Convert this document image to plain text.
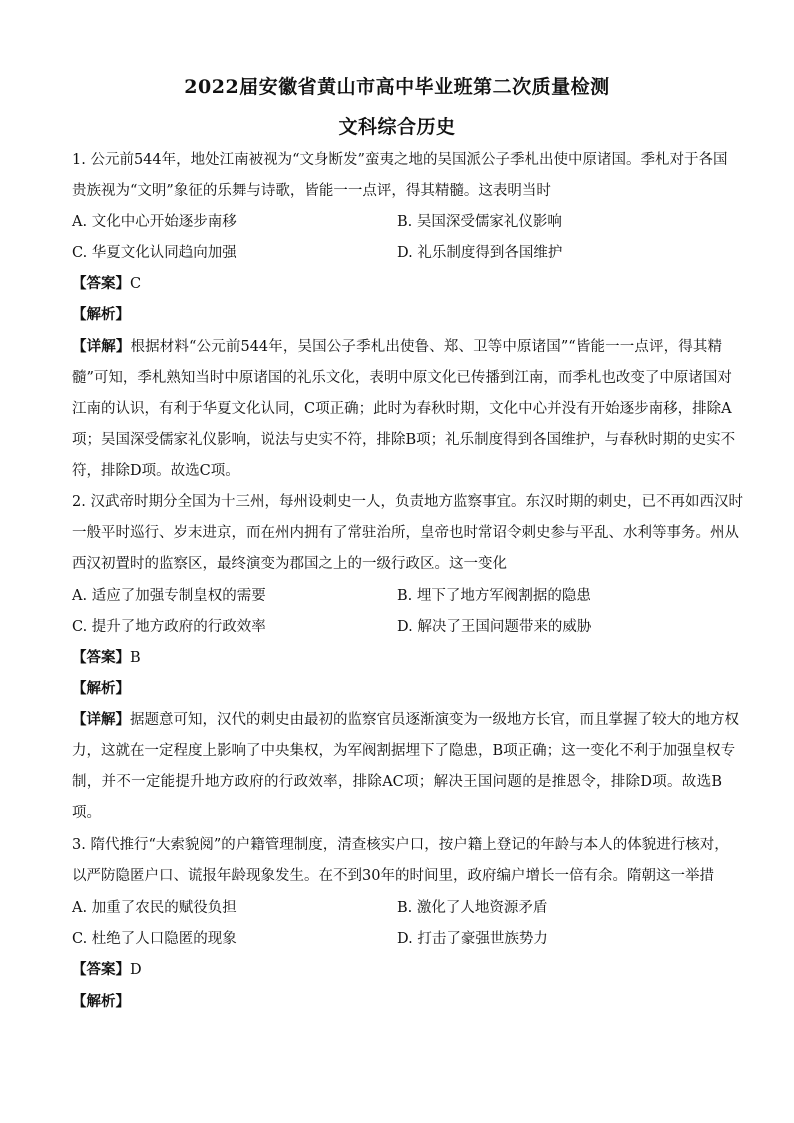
2022届安徽省黄山市高中毕业班第二次质量检测
文科综合历史
1. 公元前544年，地处江南被视为“文身断发”蛮夷之地的吴国派公子季札出使中原诸国。季札对于各国
贵族视为“文明”象征的乐舞与诗歌，皆能一一点评，得其精髓。这表明当时
A. 文化中心开始逐步南移	B. 吴国深受儒家礼仪影响
C. 华夏文化认同趋向加强	D. 礼乐制度得到各国维护
【答案】C
【解析】
【详解】根据材料“公元前544年，吴国公子季札出使鲁、郑、卫等中原诸国”“皆能一一点评，得其精
髓”可知，季札熟知当时中原诸国的礼乐文化，表明中原文化已传播到江南，而季札也改变了中原诸国对
江南的认识，有利于华夏文化认同，C项正确；此时为春秋时期，文化中心并没有开始逐步南移，排除A
项；吴国深受儒家礼仪影响，说法与史实不符，排除B项；礼乐制度得到各国维护，与春秋时期的史实不
符，排除D项。故选C项。
2. 汉武帝时期分全国为十三州，每州设刺史一人，负责地方监察事宜。东汉时期的刺史，已不再如西汉时
一般平时巡行、岁末进京，而在州内拥有了常驻治所，皇帝也时常诏令刺史参与平乱、水利等事务。州从
西汉初置时的监察区，最终演变为郡国之上的一级行政区。这一变化
A. 适应了加强专制皇权的需要	B. 埋下了地方军阀割据的隐患
C. 提升了地方政府的行政效率	D. 解决了王国问题带来的威胁
【答案】B
【解析】
【详解】据题意可知，汉代的刺史由最初的监察官员逐渐演变为一级地方长官，而且掌握了较大的地方权
力，这就在一定程度上影响了中央集权，为军阀割据埋下了隐患，B项正确；这一变化不利于加强皇权专
制，并不一定能提升地方政府的行政效率，排除AC项；解决王国问题的是推恩令，排除D项。故选B
项。
3. 隋代推行“大索貌阅”的户籍管理制度，清查核实户口，按户籍上登记的年龄与本人的体貌进行核对，
以严防隐匿户口、谎报年龄现象发生。在不到30年的时间里，政府编户增长一倍有余。隋朝这一举措
A. 加重了农民的赋役负担	B. 激化了人地资源矛盾
C. 杜绝了人口隐匿的现象	D. 打击了豪强世族势力
【答案】D
【解析】
